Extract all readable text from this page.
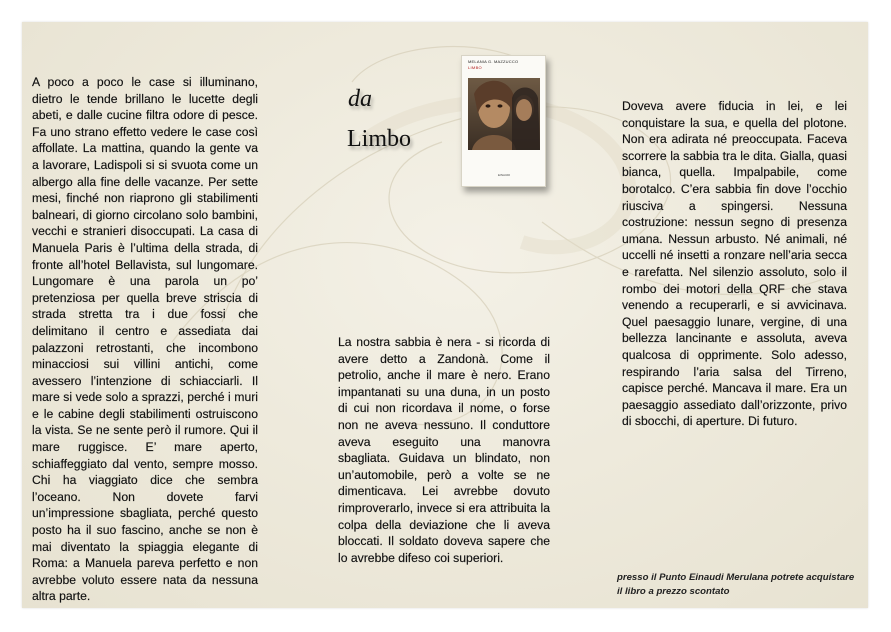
A poco a poco le case si illuminano, dietro le tende brillano le lucette degli abeti, e dalle cucine filtra odore di pesce. Fa uno strano effetto vedere le case così affollate. La mattina, quando la gente va a lavorare, Ladispoli si si svuota come un albergo alla fine delle vacanze. Per sette mesi, finché non riaprono gli stabilimenti balneari, di giorno circolano solo bambini, vecchi e stranieri disoccupati. La casa di Manuela Paris è l’ultima della strada, di fronte all’hotel Bellavista, sul lungomare. Lungomare è una parola un po’ pretenziosa per quella breve striscia di strada stretta tra i due fossi che delimitano il centro e assediata dai palazzoni retrostanti, che incombono minacciosi sui villini antichi, come avessero l’intenzione di schiacciarli. Il mare si vede solo a sprazzi, perché i muri e le cabine degli stabilimenti ostruiscono la vista. Se ne sente però il rumore. Qui il mare ruggisce. E’ mare aperto, schiaffeggiato dal vento, sempre mosso. Chi ha viaggiato dice che sembra l’oceano. Non dovete farvi un’impressione sbagliata, perché questo posto ha il suo fascino, anche se non è mai diventato la spiaggia elegante di Roma: a Manuela pareva perfetto e non avrebbe voluto essere nata da nessuna altra parte.

da
Limbo
MELANIA G. MAZZUCCO
LIMBO
EINAUDI

La nostra sabbia è nera - si ricorda di avere detto a Zandonà. Come il petrolio, anche il mare è nero. Erano impantanati su una duna, in un posto di cui non ricordava il nome, o forse non ne aveva nessuno. Il conduttore aveva eseguito una manovra sbagliata. Guidava un blindato, non un’automobile, però a volte se ne dimenticava. Lei avrebbe dovuto rimproverarlo, invece si era attribuita la colpa della deviazione che li aveva bloccati. Il soldato doveva sapere che lo avrebbe difeso coi superiori.

Doveva avere fiducia in lei, e lei conquistare la sua, e quella del plotone. Non era adirata né preoccupata. Faceva scorrere la sabbia tra le dita. Gialla, quasi bianca, quella. Impalpabile, come borotalco. C’era sabbia fin dove l’occhio riusciva a spingersi. Nessuna costruzione: nessun segno di presenza umana. Nessun arbusto. Né animali, né uccelli né insetti a ronzare nell’aria secca e rarefatta. Nel silenzio assoluto, solo il rombo dei motori della QRF che stava venendo a recuperarli, e si avvicinava. Quel paesaggio lunare, vergine, di una bellezza lancinante e assoluta, aveva qualcosa di opprimente. Solo adesso, respirando l’aria salsa del Tirreno, capisce perché. Mancava il mare. Era un paesaggio assediato dall’orizzonte, privo di sbocchi, di aperture. Di futuro.

presso il Punto Einaudi Merulana potrete acquistare
il libro a prezzo scontato
